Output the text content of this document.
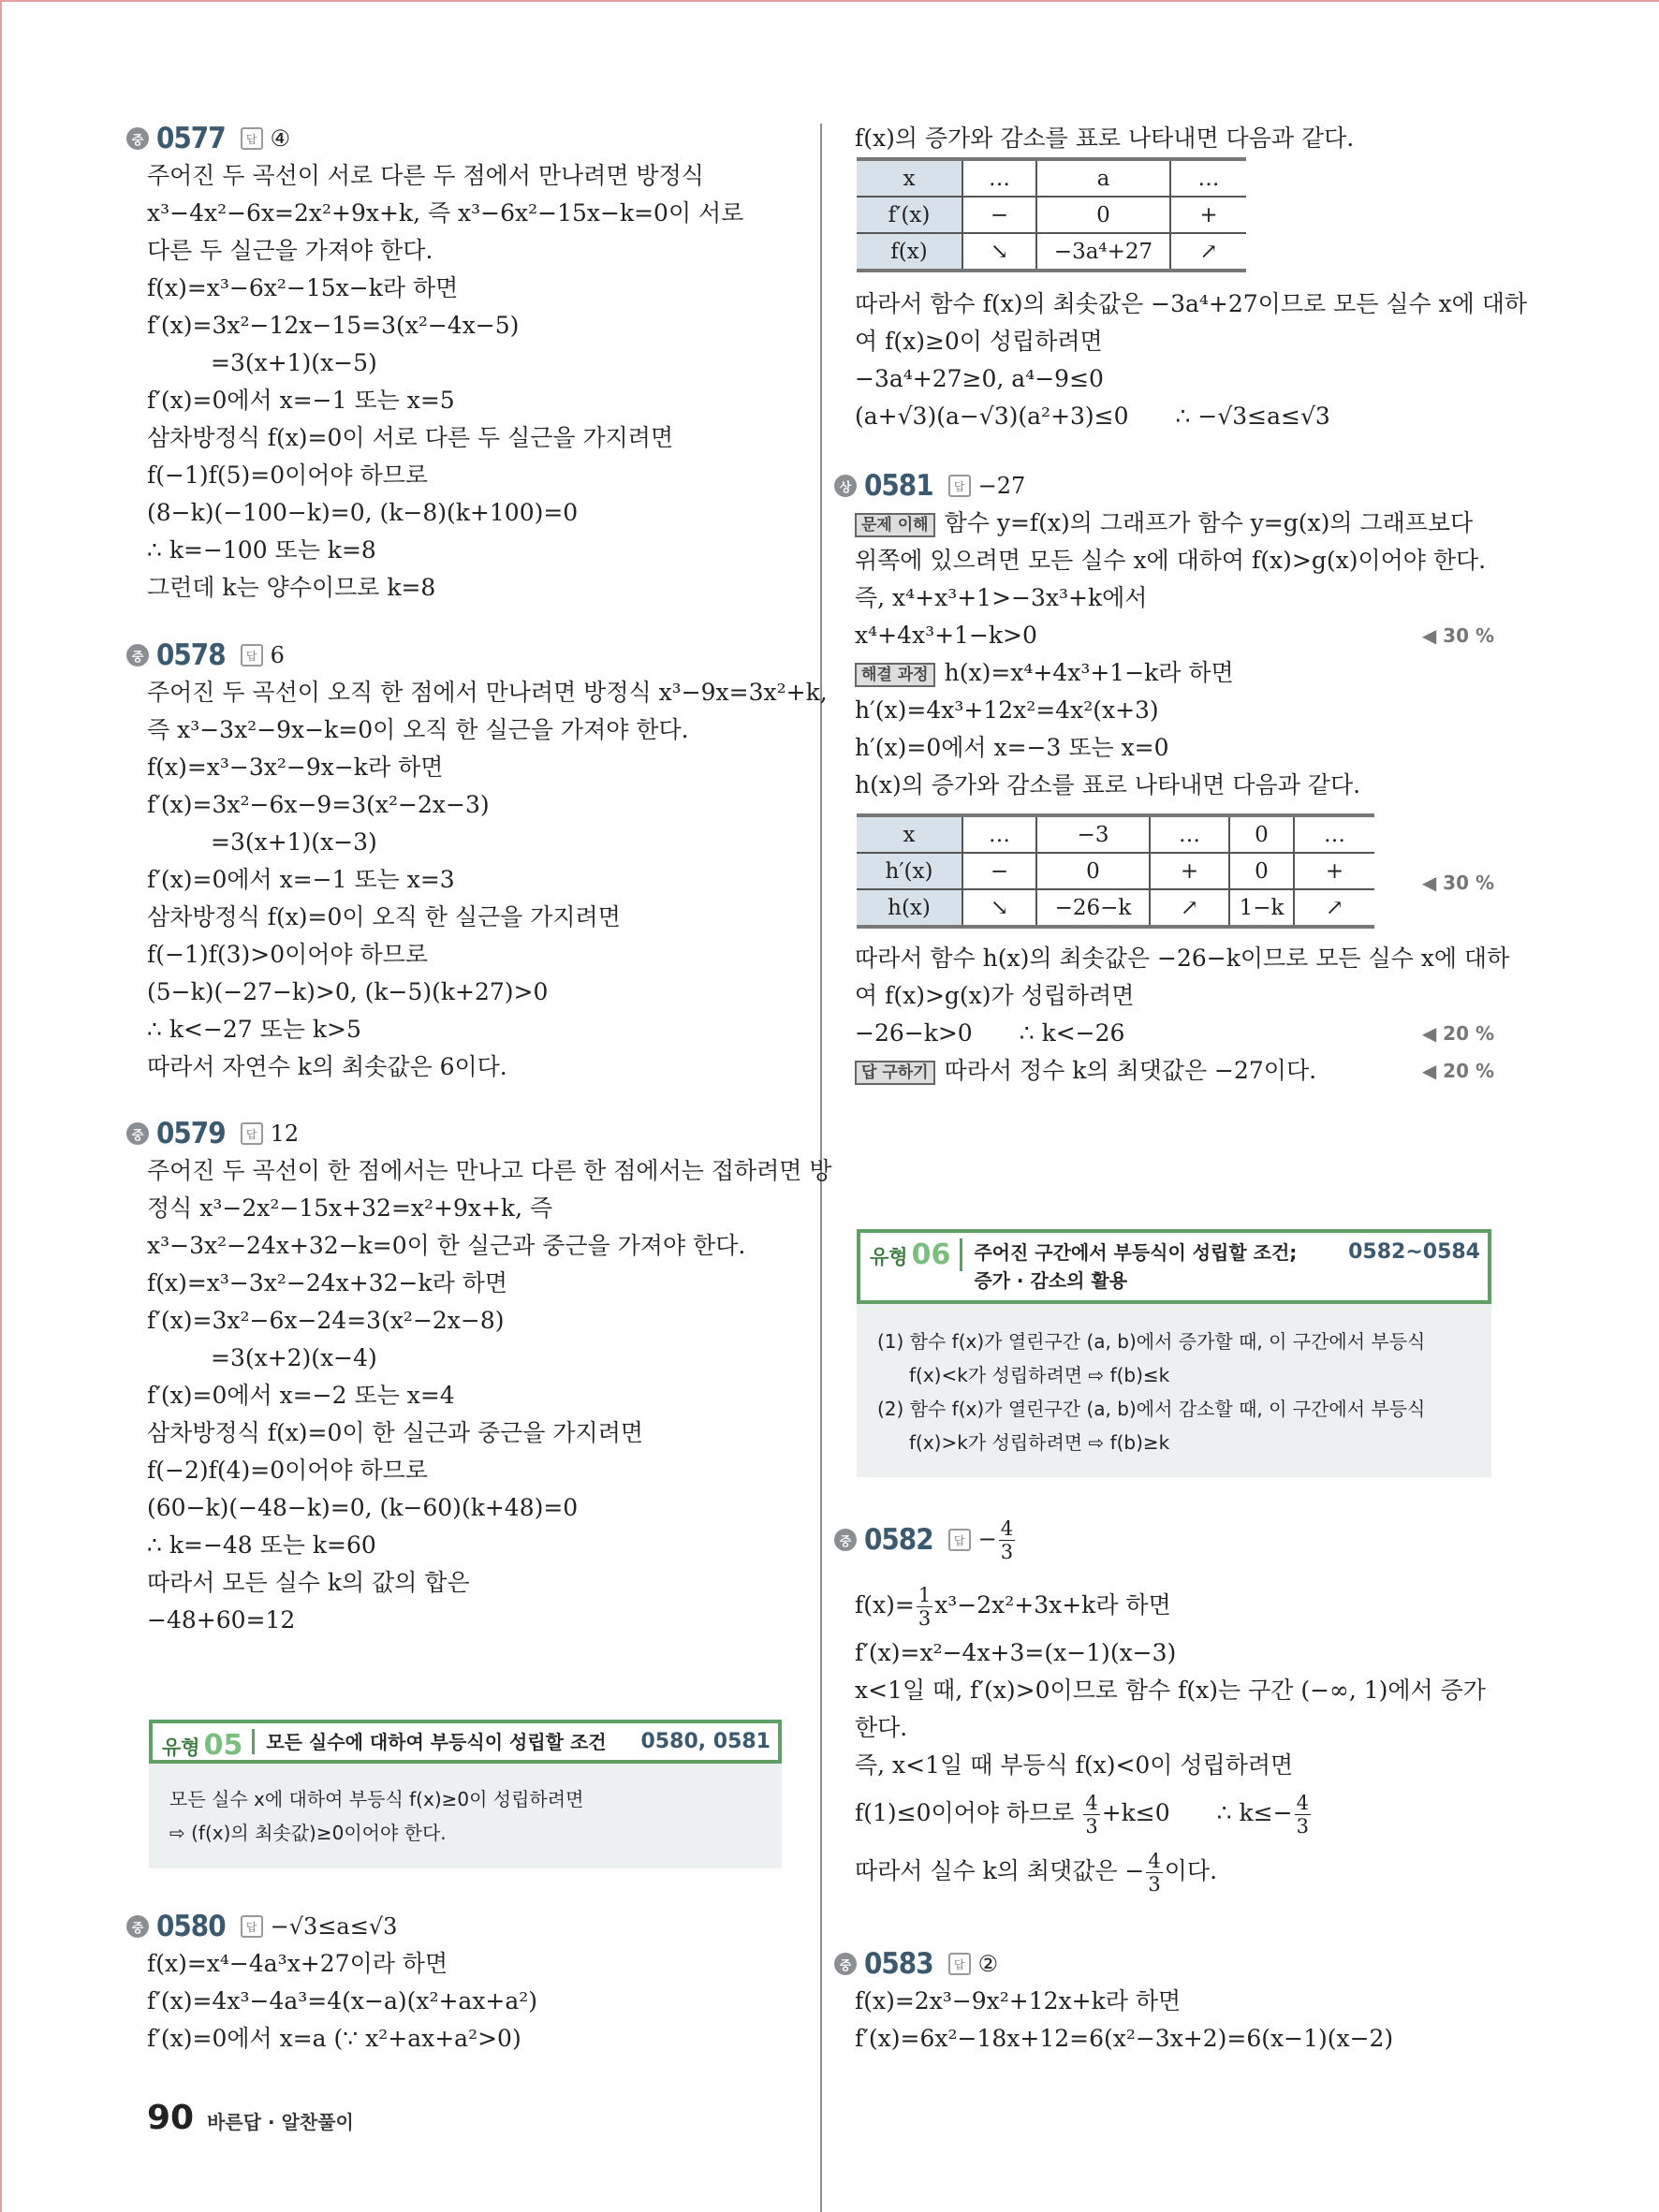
중 0577	답 ④
주어진 두 곡선이 서로 다른 두 점에서 만나려면 방정식
x³−4x²−6x=2x²+9x+k, 즉 x³−6x²−15x−k=0이 서로
다른 두 실근을 가져야 한다.
f(x)=x³−6x²−15x−k라 하면
f′(x)=3x²−12x−15=3(x²−4x−5)
=3(x+1)(x−5)
f′(x)=0에서 x=−1 또는 x=5
삼차방정식 f(x)=0이 서로 다른 두 실근을 가지려면
f(−1)f(5)=0이어야 하므로
(8−k)(−100−k)=0, (k−8)(k+100)=0
∴ k=−100 또는 k=8
그런데 k는 양수이므로 k=8
중 0578	답 6
주어진 두 곡선이 오직 한 점에서 만나려면 방정식 x³−9x=3x²+k,
즉 x³−3x²−9x−k=0이 오직 한 실근을 가져야 한다.
f(x)=x³−3x²−9x−k라 하면
f′(x)=3x²−6x−9=3(x²−2x−3)
=3(x+1)(x−3)
f′(x)=0에서 x=−1 또는 x=3
삼차방정식 f(x)=0이 오직 한 실근을 가지려면
f(−1)f(3)>0이어야 하므로
(5−k)(−27−k)>0, (k−5)(k+27)>0
∴ k<−27 또는 k>5
따라서 자연수 k의 최솟값은 6이다.
중 0579	답 12
주어진 두 곡선이 한 점에서는 만나고 다른 한 점에서는 접하려면 방
정식 x³−2x²−15x+32=x²+9x+k, 즉
x³−3x²−24x+32−k=0이 한 실근과 중근을 가져야 한다.
f(x)=x³−3x²−24x+32−k라 하면
f′(x)=3x²−6x−24=3(x²−2x−8)
=3(x+2)(x−4)
f′(x)=0에서 x=−2 또는 x=4
삼차방정식 f(x)=0이 한 실근과 중근을 가지려면
f(−2)f(4)=0이어야 하므로
(60−k)(−48−k)=0, (k−60)(k+48)=0
∴ k=−48 또는 k=60
따라서 모든 실수 k의 값의 합은
−48+60=12
유형 05	모든 실수에 대하여 부등식이 성립할 조건	0580, 0581
모든 실수 x에 대하여 부등식 f(x)≥0이 성립하려면
⇨ (f(x)의 최솟값)≥0이어야 한다.
중 0580	답 −√3≤a≤√3
f(x)=x⁴−4a³x+27이라 하면
f′(x)=4x³−4a³=4(x−a)(x²+ax+a²)
f′(x)=0에서 x=a (∵ x²+ax+a²>0)
f(x)의 증가와 감소를 표로 나타내면 다음과 같다.
x	…	a	…
f′(x)	−	0	+
f(x)	↘	−3a⁴+27	↗
따라서 함수 f(x)의 최솟값은 −3a⁴+27이므로 모든 실수 x에 대하
여 f(x)≥0이 성립하려면
−3a⁴+27≥0, a⁴−9≤0
(a+√3)(a−√3)(a²+3)≤0 ∴ −√3≤a≤√3
상 0581	답 −27
문제 이해 함수 y=f(x)의 그래프가 함수 y=g(x)의 그래프보다
위쪽에 있으려면 모든 실수 x에 대하여 f(x)>g(x)이어야 한다.
즉, x⁴+x³+1>−3x³+k에서
x⁴+4x³+1−k>0	◀ 30 %
해결 과정 h(x)=x⁴+4x³+1−k라 하면
h′(x)=4x³+12x²=4x²(x+3)
h′(x)=0에서 x=−3 또는 x=0
h(x)의 증가와 감소를 표로 나타내면 다음과 같다.
x	…	−3	…	0	…
h′(x)	−	0	+	0	+
h(x)	↘	−26−k	↗	1−k	↗
◀ 30 %
따라서 함수 h(x)의 최솟값은 −26−k이므로 모든 실수 x에 대하
여 f(x)>g(x)가 성립하려면
−26−k>0 ∴ k<−26	◀ 20 %
답 구하기 따라서 정수 k의 최댓값은 −27이다.	◀ 20 %
유형 06 주어진 구간에서 부등식이 성립할 조건;
증가 · 감소의 활용
0582~0584
(1) 함수 f(x)가 열린구간 (a, b)에서 증가할 때, 이 구간에서 부등식
f(x)<k가 성립하려면 ⇨ f(b)≤k
(2) 함수 f(x)가 열린구간 (a, b)에서 감소할 때, 이 구간에서 부등식
f(x)>k가 성립하려면 ⇨ f(b)≥k
중 0582	답 − $\frac{4}{3}$
$f(x)= \frac{1}{3} x^3-2x^2+3x+k$라 하면
f′(x)=x²−4x+3=(x−1)(x−3)
x<1일 때, f′(x)>0이므로 함수 f(x)는 구간 (−∞, 1)에서 증가
한다.
즉, x<1일 때 부등식 f(x)<0이 성립하려면
f(1)≤0이어야 하므로 $\frac{4}{3} +k\le 0$ ∴ $k\le- \frac{4}{3}$
따라서 실수 k의 최댓값은 − $\frac{4}{3}$ 이다.
중 0583	답 ②
f(x)=2x³−9x²+12x+k라 하면
f′(x)=6x²−18x+12=6(x²−3x+2)=6(x−1)(x−2)
90 바른답 · 알찬풀이
